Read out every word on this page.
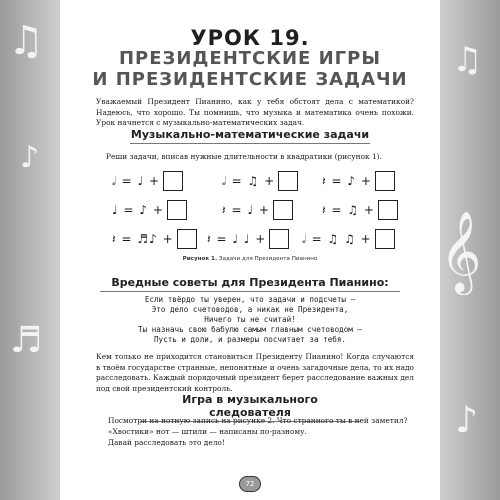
♫
♪
♬
𝄞
♫
♪
УРОК 19.
ПРЕЗИДЕНТСКИЕ ИГРЫ
И ПРЕЗИДЕНТСКИЕ ЗАДАЧИ
Уважаемый Президент Пианино, как у тебя обстоят дела с математикой? Надеюсь, что хорошо. Ты помнишь, что музыка и математика очень похожи. Урок начнется с музыкально-математических задач.
Музыкально-математические задачи
Реши задачи, вписав нужные длительности в квадратики (рисунок 1).
𝅗𝅥 = ♩ +	𝅗𝅥 = ♫ +	𝄽 = ♪ +
♩ = ♪ +	𝄽 = ♩ +	𝄽 = ♫ +
𝄽 = ♬♪ +	𝄽 = ♩ ♩ +	𝅗𝅥 = ♫ ♫ +
Рисунок 1. Задачи для Президента Пианино
Вредные советы для Президента Пианино:
Если твёрдо ты уверен, что задачи и подсчеты —
Это дело счетоводов, а никак не Президента,
Ничего ты не считай!
Ты назначь свою бабулю самым главным счетоводом —
Пусть и доли, и размеры посчитает за тебя.
Кем только не приходится становиться Президенту Пианино! Когда случаются в твоём государстве странные, непонятные и очень загадочные дела, то их надо расследовать. Каждый порядочный президент берет расследование важных дел под свой президентский контроль.
Игра в музыкального следователя
Посмотри на нотную запись на рисунке 2. Что странного ты в ней заметил?
«Хвостики» нот — штили — написаны по-разному.
Давай расследовать это дело!
72
